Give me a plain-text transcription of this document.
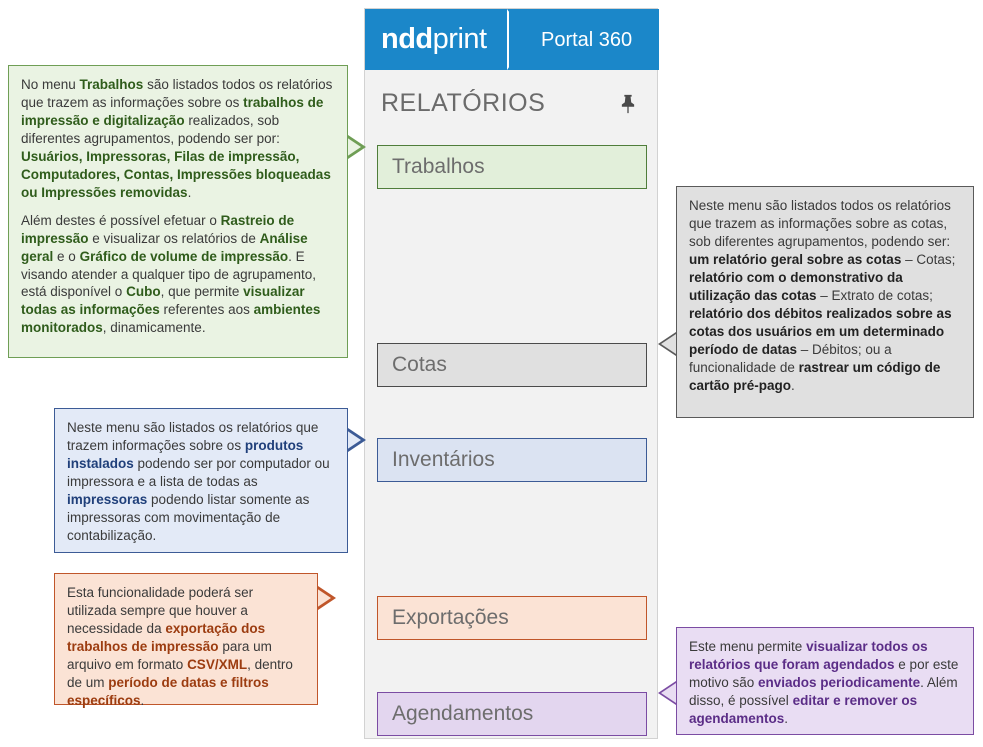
nddprint	Portal 360
RELATÓRIOS
Trabalhos
Cotas
Inventários
Exportações
Agendamentos

No menu Trabalhos são listados todos os relatórios que trazem as informações sobre os trabalhos de impressão e digitalização realizados, sob diferentes agrupamentos, podendo ser por: Usuários, Impressoras, Filas de impressão, Computadores, Contas, Impressões bloqueadas ou Impressões removidas.

Além destes é possível efetuar o Rastreio de impressão e visualizar os relatórios de Análise geral e o Gráfico de volume de impressão. E visando atender a qualquer tipo de agrupamento, está disponível o Cubo, que permite visualizar todas as informações referentes aos ambientes monitorados, dinamicamente.

Neste menu são listados todos os relatórios que trazem as informações sobre as cotas, sob diferentes agrupamentos, podendo ser: um relatório geral sobre as cotas – Cotas; relatório com o demonstrativo da utilização das cotas – Extrato de cotas; relatório dos débitos realizados sobre as cotas dos usuários em um determinado período de datas – Débitos; ou a funcionalidade de rastrear um código de cartão pré-pago.

Neste menu são listados os relatórios que trazem informações sobre os produtos instalados podendo ser por computador ou impressora e a lista de todas as impressoras podendo listar somente as impressoras com movimentação de contabilização.

Esta funcionalidade poderá ser utilizada sempre que houver a necessidade da exportação dos trabalhos de impressão para um arquivo em formato CSV/XML, dentro de um período de datas e filtros específicos.

Este menu permite visualizar todos os relatórios que foram agendados e por este motivo são enviados periodicamente. Além disso, é possível editar e remover os agendamentos.
